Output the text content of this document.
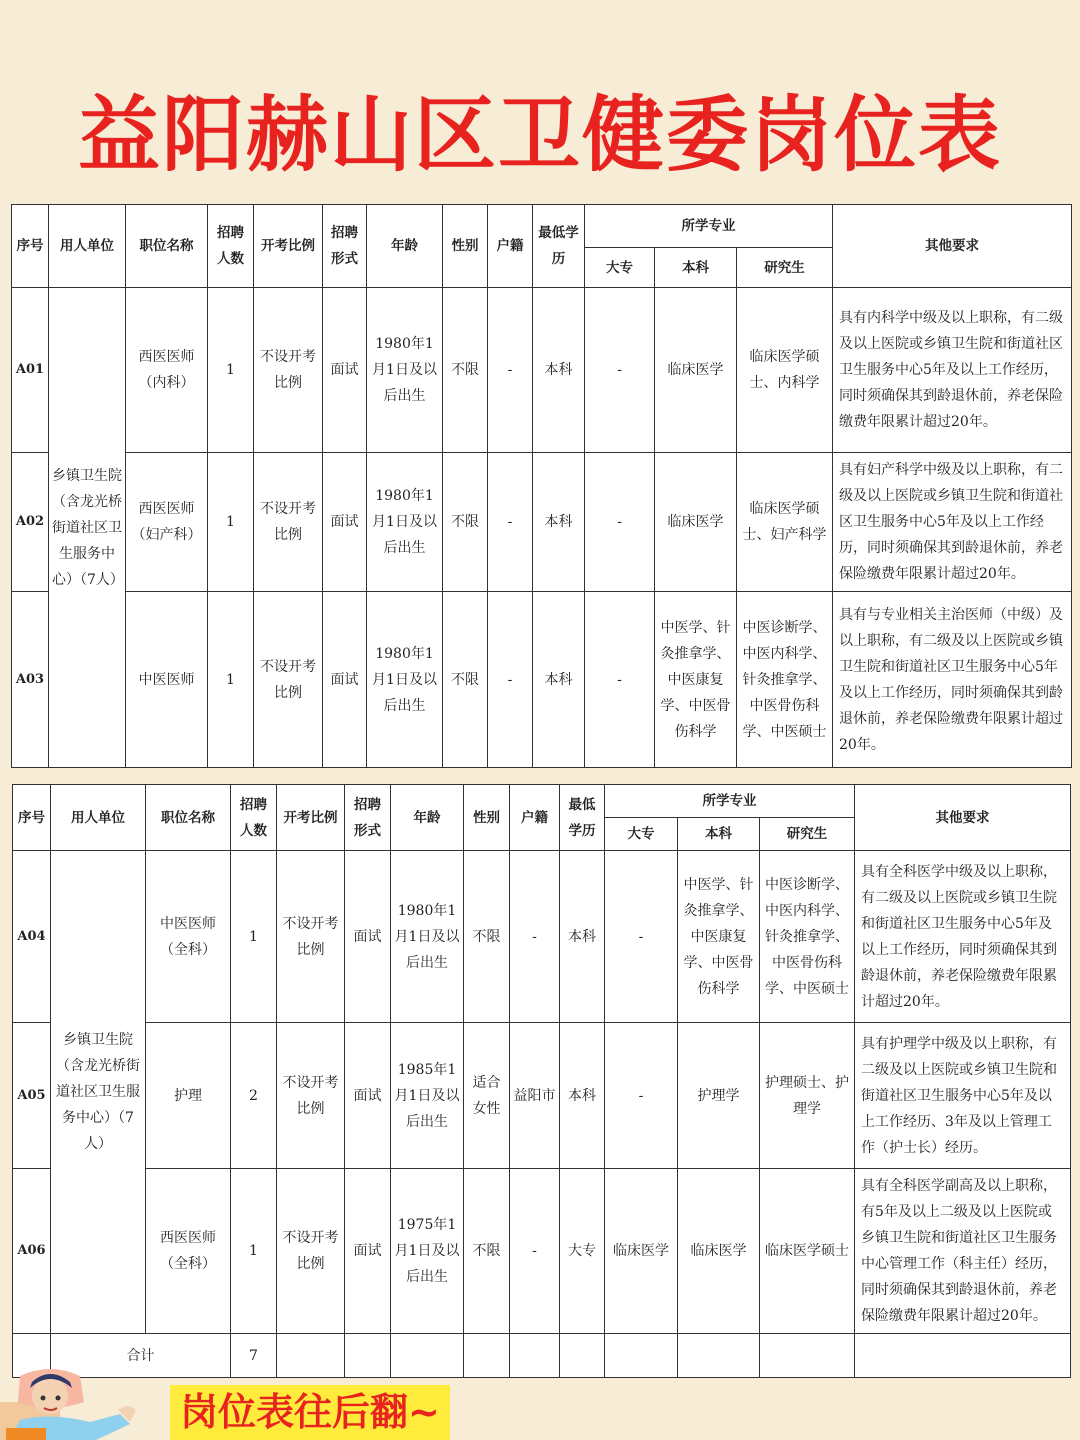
益阳赫山区卫健委岗位表
序号	用人单位	职位名称	招聘人数	开考比例	招聘形式	年龄	性别	户籍	最低学历	所学专业			其他要求
										大专	本科	研究生	
A01	乡镇卫生院（含龙光桥街道社区卫生服务中心）（7人）	西医医师（内科）	1	不设开考比例	面试	1980年1月1日及以后出生	不限	-	本科	-	临床医学	临床医学硕士、内科学	具有内科学中级及以上职称，有二级及以上医院或乡镇卫生院和街道社区卫生服务中心5年及以上工作经历，同时须确保其到龄退休前，养老保险缴费年限累计超过20年。
A02		西医医师（妇产科）	1	不设开考比例	面试	1980年1月1日及以后出生	不限	-	本科	-	临床医学	临床医学硕士、妇产科学	具有妇产科学中级及以上职称，有二级及以上医院或乡镇卫生院和街道社区卫生服务中心5年及以上工作经历，同时须确保其到龄退休前，养老保险缴费年限累计超过20年。
A03		中医医师	1	不设开考比例	面试	1980年1月1日及以后出生	不限	-	本科	-	中医学、针灸推拿学、中医康复学、中医骨伤科学	中医诊断学、中医内科学、针灸推拿学、中医骨伤科学、中医硕士	具有与专业相关主治医师（中级）及以上职称，有二级及以上医院或乡镇卫生院和街道社区卫生服务中心5年及以上工作经历，同时须确保其到龄退休前，养老保险缴费年限累计超过20年。
序号	用人单位	职位名称	招聘人数	开考比例	招聘形式	年龄	性别	户籍	最低学历	所学专业			其他要求
										大专	本科	研究生	
A04	乡镇卫生院（含龙光桥街道社区卫生服务中心）（7人）	中医医师（全科）	1	不设开考比例	面试	1980年1月1日及以后出生	不限	-	本科	-	中医学、针灸推拿学、中医康复学、中医骨伤科学	中医诊断学、中医内科学、针灸推拿学、中医骨伤科学、中医硕士	具有全科医学中级及以上职称，有二级及以上医院或乡镇卫生院和街道社区卫生服务中心5年及以上工作经历，同时须确保其到龄退休前，养老保险缴费年限累计超过20年。
A05		护理	2	不设开考比例	面试	1985年1月1日及以后出生	适合女性	益阳市	本科	-	护理学	护理硕士、护理学	具有护理学中级及以上职称，有二级及以上医院或乡镇卫生院和街道社区卫生服务中心5年及以上工作经历、3年及以上管理工作（护士长）经历。
A06		西医医师（全科）	1	不设开考比例	面试	1975年1月1日及以后出生	不限	-	大专	临床医学	临床医学	临床医学硕士	具有全科医学副高及以上职称，有5年及以上二级及以上医院或乡镇卫生院和街道社区卫生服务中心管理工作（科主任）经历，同时须确保其到龄退休前，养老保险缴费年限累计超过20年。
	合计		7										
岗位表往后翻~
